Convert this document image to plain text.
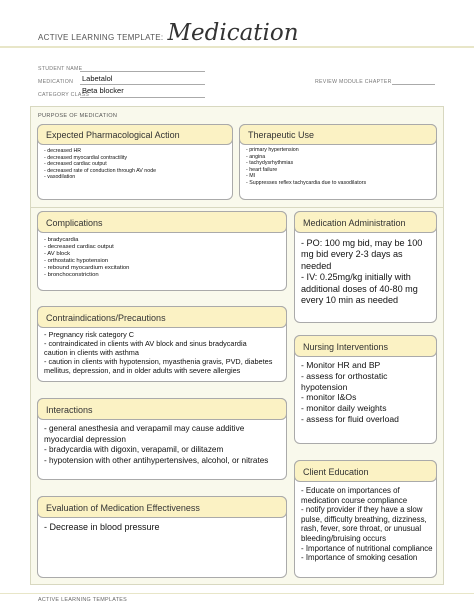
ACTIVE LEARNING TEMPLATE: Medication
STUDENT NAME
MEDICATION Labetalol	REVIEW MODULE CHAPTER
CATEGORY CLASS
Beta blocker
PURPOSE OF MEDICATION
Expected Pharmacological Action
- decreased HR
- decreased myocardial contractility
- decreased cardiac output
- decreased rate of conduction through AV node
- vasodilation
Therapeutic Use
- primary hypertension
- angina
- tachydysrhythmias
- heart failure
- MI
- Suppresses reflex tachycardia due to vasodilators
Complications
- bradycardia
- decreased cardiac output
- AV block
- orthostatic hypotension
- rebound myocardium excitation
- bronchoconstriction
Medication Administration
- PO: 100 mg bid, may be 100
mg bid every 2-3 days as
needed
- IV: 0.25mg/kg initially with
additional doses of 40-80 mg
every 10 min as needed
Contraindications/Precautions
- Pregnancy risk category C
- contraindicated in clients with AV block and sinus bradycardia
caution in clients with asthma
- caution in clients with hypotension, myasthenia gravis, PVD, diabetes
mellitus, depression, and in older adults with severe allergies
Nursing Interventions
- Monitor HR and BP
- assess for orthostatic
hypotension
- monitor I&Os
- monitor daily weights
- assess for fluid overload
Interactions
- general anesthesia and verapamil may cause additive
myocardial depression
- bradycardia with digoxin, verapamil, or dilitazem
- hypotension with other antihypertensives, alcohol, or nitrates
Client Education
- Educate on importances of
medication course compliance
- notify provider if they have a slow
pulse, difficulty breathing, dizziness,
rash, fever, sore throat, or unusual
bleeding/bruising occurs
- Importance of nutritional compliance
- Importance of smoking cesation
Evaluation of Medication Effectiveness
- Decrease in blood pressure
ACTIVE LEARNING TEMPLATES
